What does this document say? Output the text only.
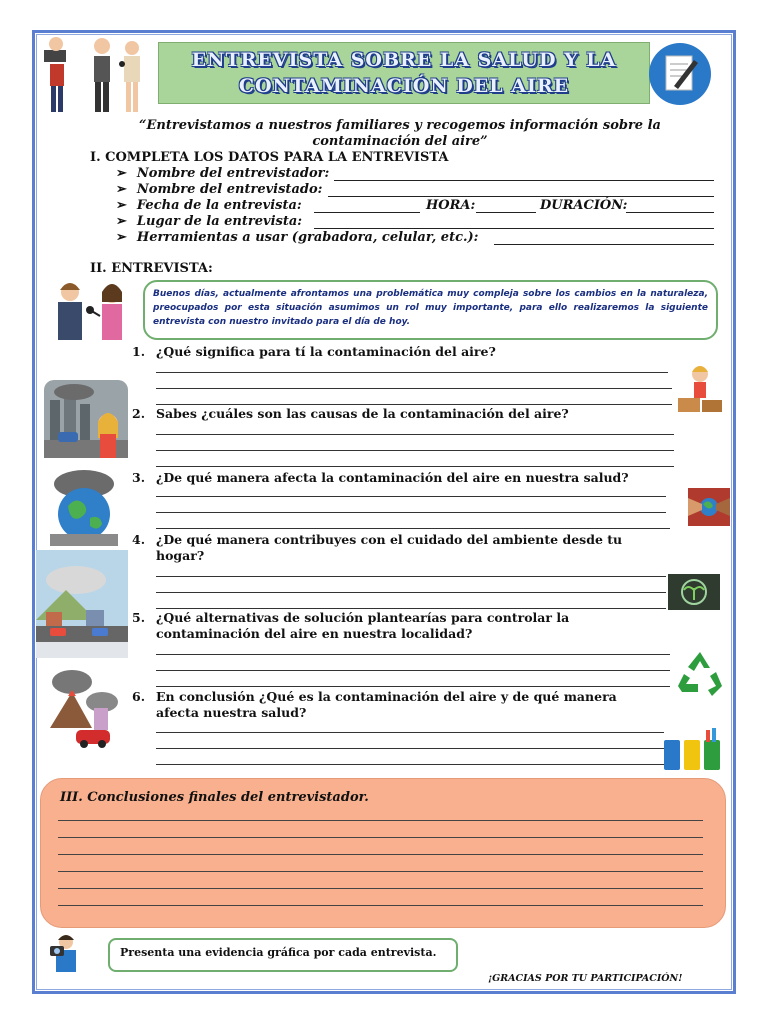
ENTREVISTA SOBRE LA SALUD Y LA
CONTAMINACIÓN DEL AIRE
“Entrevistamos a nuestros familiares y recogemos información sobre la contaminación del aire”
I. COMPLETA LOS DATOS PARA LA ENTREVISTA
➢ Nombre del entrevistador:
➢ Nombre del entrevistado:
➢ Fecha de la entrevista:	HORA:	DURACIÓN:
➢ Lugar de la entrevista:
➢ Herramientas a usar (grabadora, celular, etc.):
II. ENTREVISTA:
Buenos días, actualmente afrontamos una problemática muy compleja sobre los cambios en la naturaleza, preocupados por esta situación asumimos un rol muy importante, para ello realizaremos la siguiente entrevista con nuestro invitado para el día de hoy.
1. ¿Qué significa para tí la contaminación del aire?
2. Sabes ¿cuáles son las causas de la contaminación del aire?
3. ¿De qué manera afecta la contaminación del aire en nuestra salud?
4. ¿De qué manera contribuyes con el cuidado del ambiente desde tu hogar?
5. ¿Qué alternativas de solución plantearías para controlar la contaminación del aire en nuestra localidad?
6. En conclusión ¿Qué es la contaminación del aire y de qué manera afecta nuestra salud?
III. Conclusiones finales del entrevistador.
Presenta una evidencia gráfica por cada entrevista.
¡GRACIAS POR TU PARTICIPACIÓN!
